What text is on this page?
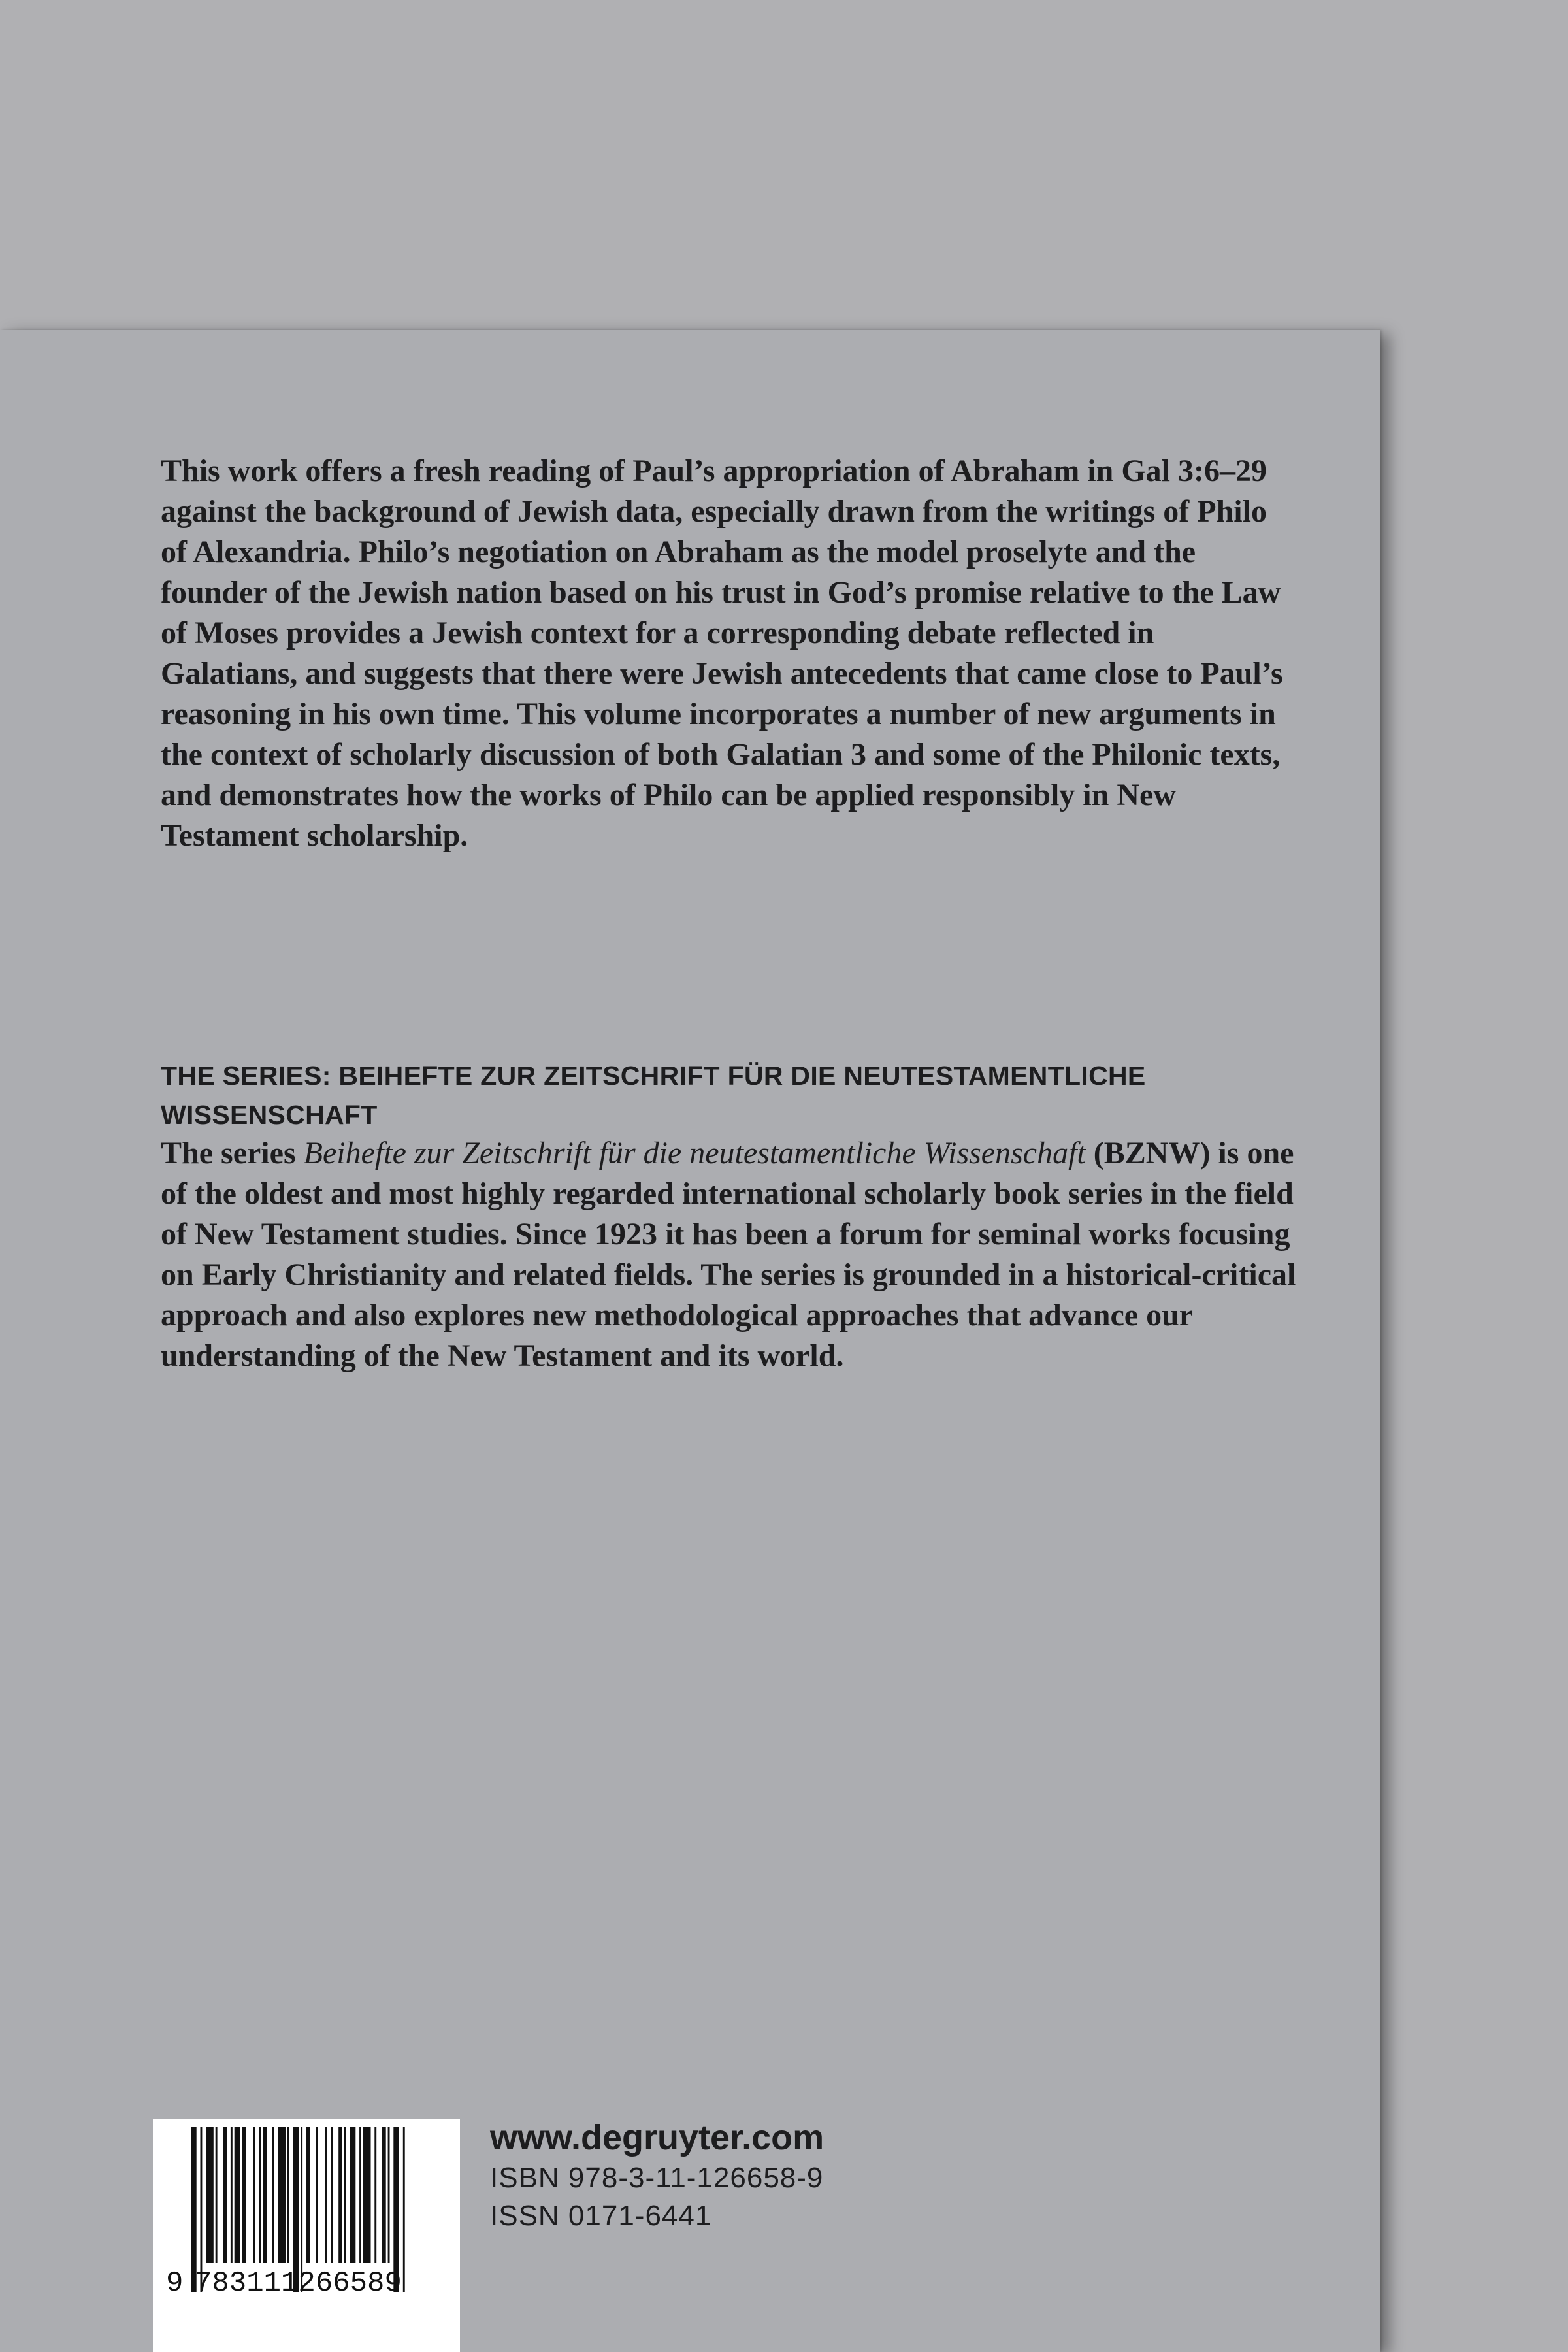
This work offers a fresh reading of Paul’s appropriation of Abraham in Gal 3:6–29 against the background of Jewish data, especially drawn from the writings of Philo of Alexandria. Philo’s negotiation on Abraham as the model proselyte and the founder of the Jewish nation based on his trust in God’s promise relative to the Law of Moses provides a Jewish context for a corresponding debate reflected in Galatians, and suggests that there were Jewish antecedents that came close to Paul’s reasoning in his own time. This volume incorporates a number of new arguments in the context of scholarly discussion of both Galatian 3 and some of the Philonic texts, and demonstrates how the works of Philo can be applied responsibly in New Testament scholarship.

THE SERIES: BEIHEFTE ZUR ZEITSCHRIFT FÜR DIE NEUTESTAMENTLICHE WISSENSCHAFT

The series Beihefte zur Zeitschrift für die neutestamentliche Wissenschaft (BZNW) is one of the oldest and most highly regarded international scholarly book series in the field of New Testament studies. Since 1923 it has been a forum for seminal works focusing on Early Christianity and related fields. The series is grounded in a historical-critical approach and also explores new methodological approaches that advance our understanding of the New Testament and its world.

9 783111266589
www.degruyter.com
ISBN 978-3-11-126658-9
ISSN 0171-6441
